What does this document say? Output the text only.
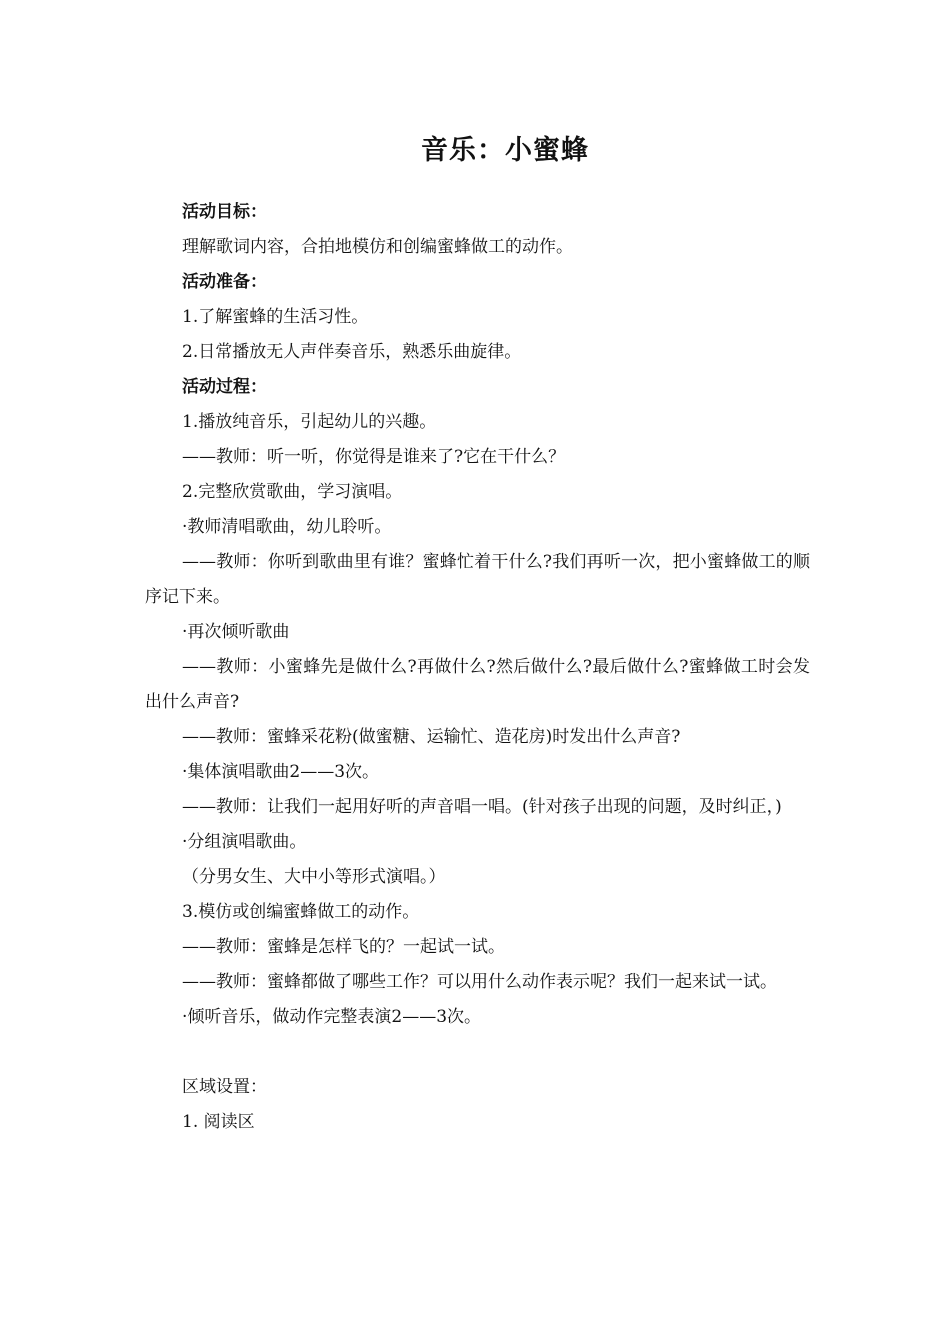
音乐：小蜜蜂

活动目标：

理解歌词内容，合拍地模仿和创编蜜蜂做工的动作。

活动准备：

1.了解蜜蜂的生活习性。

2.日常播放无人声伴奏音乐，熟悉乐曲旋律。

活动过程：

1.播放纯音乐，引起幼儿的兴趣。

——教师：听一听，你觉得是谁来了?它在干什么？

2.完整欣赏歌曲，学习演唱。

·教师清唱歌曲，幼儿聆听。

——教师：你听到歌曲里有谁？蜜蜂忙着干什么?我们再听一次，把小蜜蜂做工的顺序记下来。

·再次倾听歌曲

——教师：小蜜蜂先是做什么?再做什么?然后做什么?最后做什么?蜜蜂做工时会发出什么声音?

——教师：蜜蜂采花粉(做蜜糖、运输忙、造花房)时发出什么声音?

·集体演唱歌曲2——3次。

——教师：让我们一起用好听的声音唱一唱。(针对孩子出现的问题，及时纠正，)

·分组演唱歌曲。

（分男女生、大中小等形式演唱。）

3.模仿或创编蜜蜂做工的动作。

——教师：蜜蜂是怎样飞的？一起试一试。

——教师：蜜蜂都做了哪些工作？可以用什么动作表示呢？我们一起来试一试。

·倾听音乐，做动作完整表演2——3次。

区域设置：

1. 阅读区
